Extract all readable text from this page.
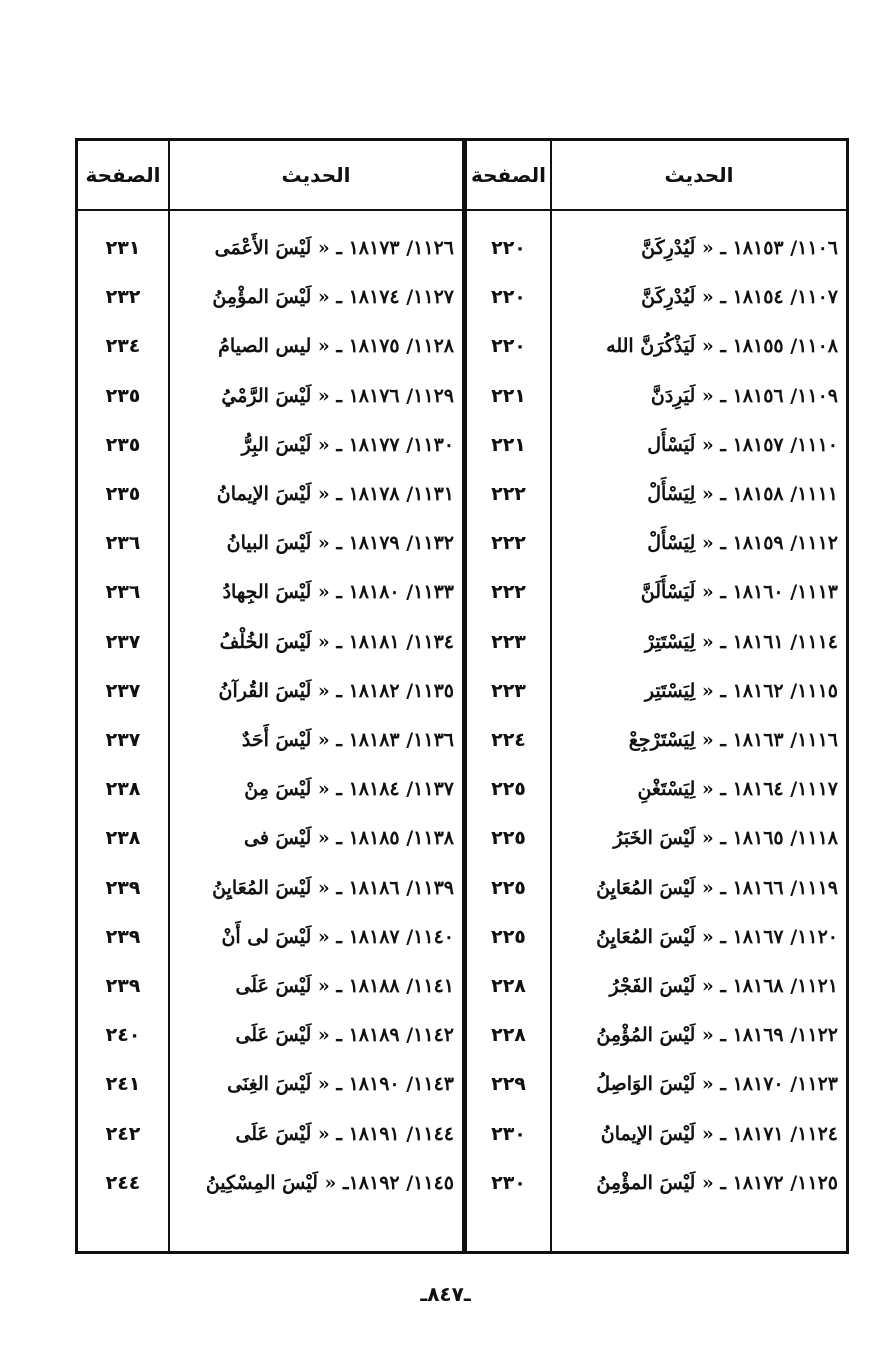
الصفحة	الحديث	الصفحة	الحديث
٢٣١	١١٢٦/ ١٨١٧٣ ـ « لَيْسَ الأَعْمَى	٢٢٠	١١٠٦/ ١٨١٥٣ ـ « لَيُدْرِكَنَّ
٢٣٢	١١٢٧/ ١٨١٧٤ ـ « لَيْسَ المؤْمِنُ	٢٢٠	١١٠٧/ ١٨١٥٤ ـ « لَيُدْرِكَنَّ
٢٣٤	١١٢٨/ ١٨١٧٥ ـ « ليس الصيامُ	٢٢٠	١١٠٨/ ١٨١٥٥ ـ « لَيَذْكُرَنَّ الله
٢٣٥	١١٢٩/ ١٨١٧٦ ـ « لَيْسَ الرَّمْيُ	٢٢١	١١٠٩/ ١٨١٥٦ ـ « لَيَرِدَنَّ
٢٣٥	١١٣٠/ ١٨١٧٧ ـ « لَيْسَ البِرُّ	٢٢١	١١١٠/ ١٨١٥٧ ـ « لَيَسْأَل
٢٣٥	١١٣١/ ١٨١٧٨ ـ « لَيْسَ الإيمانُ	٢٢٢	١١١١/ ١٨١٥٨ ـ « لِيَسْأَلْ
٢٣٦	١١٣٢/ ١٨١٧٩ ـ « لَيْسَ البيانُ	٢٢٢	١١١٢/ ١٨١٥٩ ـ « لِيَسْأَلْ
٢٣٦	١١٣٣/ ١٨١٨٠ ـ « لَيْسَ الجِهادُ	٢٢٢	١١١٣/ ١٨١٦٠ ـ « لَيَسْأَلَنَّ
٢٣٧	١١٣٤/ ١٨١٨١ ـ « لَيْسَ الخُلْفُ	٢٢٣	١١١٤/ ١٨١٦١ ـ « لِيَسْتَتِرْ
٢٣٧	١١٣٥/ ١٨١٨٢ ـ « لَيْسَ القُرآنُ	٢٢٣	١١١٥/ ١٨١٦٢ ـ « لِيَسْتَتِر
٢٣٧	١١٣٦/ ١٨١٨٣ ـ « لَيْسَ أَحَدٌ	٢٢٤	١١١٦/ ١٨١٦٣ ـ « لِيَسْتَرْجِعْ
٢٣٨	١١٣٧/ ١٨١٨٤ ـ « لَيْسَ مِنْ	٢٢٥	١١١٧/ ١٨١٦٤ ـ « لِيَسْتَغْنِ
٢٣٨	١١٣٨/ ١٨١٨٥ ـ « لَيْسَ فى	٢٢٥	١١١٨/ ١٨١٦٥ ـ « لَيْسَ الخَبَرُ
٢٣٩	١١٣٩/ ١٨١٨٦ ـ « لَيْسَ المُعَايِنُ	٢٢٥	١١١٩/ ١٨١٦٦ ـ « لَيْسَ المُعَايِنُ
٢٣٩	١١٤٠/ ١٨١٨٧ ـ « لَيْسَ لى أَنْ	٢٢٥	١١٢٠/ ١٨١٦٧ ـ « لَيْسَ المُعَايِنُ
٢٣٩	١١٤١/ ١٨١٨٨ ـ « لَيْسَ عَلَى	٢٢٨	١١٢١/ ١٨١٦٨ ـ « لَيْسَ الفَجْرُ
٢٤٠	١١٤٢/ ١٨١٨٩ ـ « لَيْسَ عَلَى	٢٢٨	١١٢٢/ ١٨١٦٩ ـ « لَيْسَ المُؤْمِنُ
٢٤١	١١٤٣/ ١٨١٩٠ ـ « لَيْسَ الغِنَى	٢٢٩	١١٢٣/ ١٨١٧٠ ـ « لَيْسَ الوَاصِلُ
٢٤٢	١١٤٤/ ١٨١٩١ ـ « لَيْسَ عَلَى	٢٣٠	١١٢٤/ ١٨١٧١ ـ « لَيْسَ الإيمانُ
٢٤٤	١١٤٥/ ١٨١٩٢ـ « لَيْسَ المِسْكِينُ	٢٣٠	١١٢٥/ ١٨١٧٢ ـ « لَيْسَ المؤْمِنُ
ـ٨٤٧ـ
